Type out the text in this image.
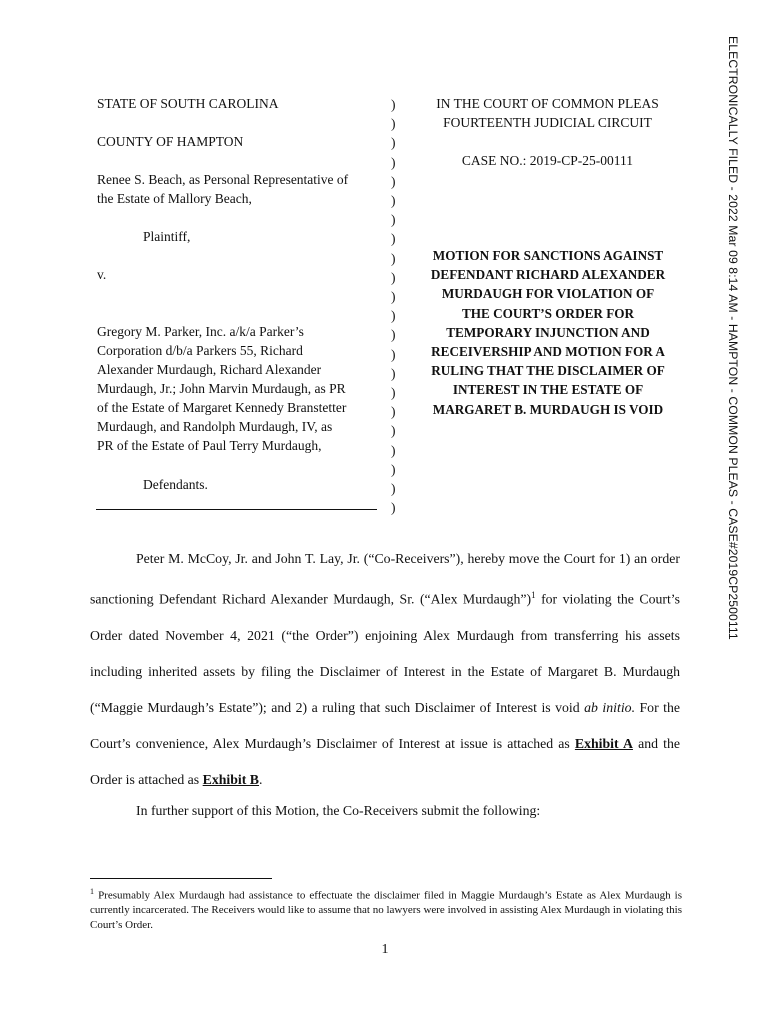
ELECTRONICALLY FILED - 2022 Mar 09 8:14 AM - HAMPTON - COMMON PLEAS - CASE#2019CP2500111
STATE OF SOUTH CAROLINA
COUNTY OF HAMPTON
Renee S. Beach, as Personal Representative of
the Estate of Mallory Beach,
Plaintiff,
v.
Gregory M. Parker, Inc. a/k/a Parker’s
Corporation d/b/a Parkers 55, Richard
Alexander Murdaugh, Richard Alexander
Murdaugh, Jr.; John Marvin Murdaugh, as PR
of the Estate of Margaret Kennedy Branstetter
Murdaugh, and Randolph Murdaugh, IV, as
PR of the Estate of Paul Terry Murdaugh,
Defendants.
)
)
)
)
)
)
)
)
)
)
)
)
)
)
)
)
)
)
)
)
)
)
IN THE COURT OF COMMON PLEAS
FOURTEENTH JUDICIAL CIRCUIT
CASE NO.: 2019-CP-25-00111
MOTION FOR SANCTIONS AGAINST
DEFENDANT RICHARD ALEXANDER
MURDAUGH FOR VIOLATION OF
THE COURT’S ORDER FOR
TEMPORARY INJUNCTION AND
RECEIVERSHIP AND MOTION FOR A
RULING THAT THE DISCLAIMER OF
INTEREST IN THE ESTATE OF
MARGARET B. MURDAUGH IS VOID
Peter M. McCoy, Jr. and John T. Lay, Jr. (“Co-Receivers”), hereby move the Court for 1) an order sanctioning Defendant Richard Alexander Murdaugh, Sr. (“Alex Murdaugh”)$^1$ for violating the Court’s Order dated November 4, 2021 (“the Order”) enjoining Alex Murdaugh from transferring his assets including inherited assets by filing the Disclaimer of Interest in the Estate of Margaret B. Murdaugh (“Maggie Murdaugh’s Estate”); and 2) a ruling that such Disclaimer of Interest is void ab initio. For the Court’s convenience, Alex Murdaugh’s Disclaimer of Interest at issue is attached as Exhibit A and the Order is attached as Exhibit B.
In further support of this Motion, the Co-Receivers submit the following:
$^1$ Presumably Alex Murdaugh had assistance to effectuate the disclaimer filed in Maggie Murdaugh’s Estate as Alex Murdaugh is currently incarcerated. The Receivers would like to assume that no lawyers were involved in assisting Alex Murdaugh in violating this Court’s Order.
1
